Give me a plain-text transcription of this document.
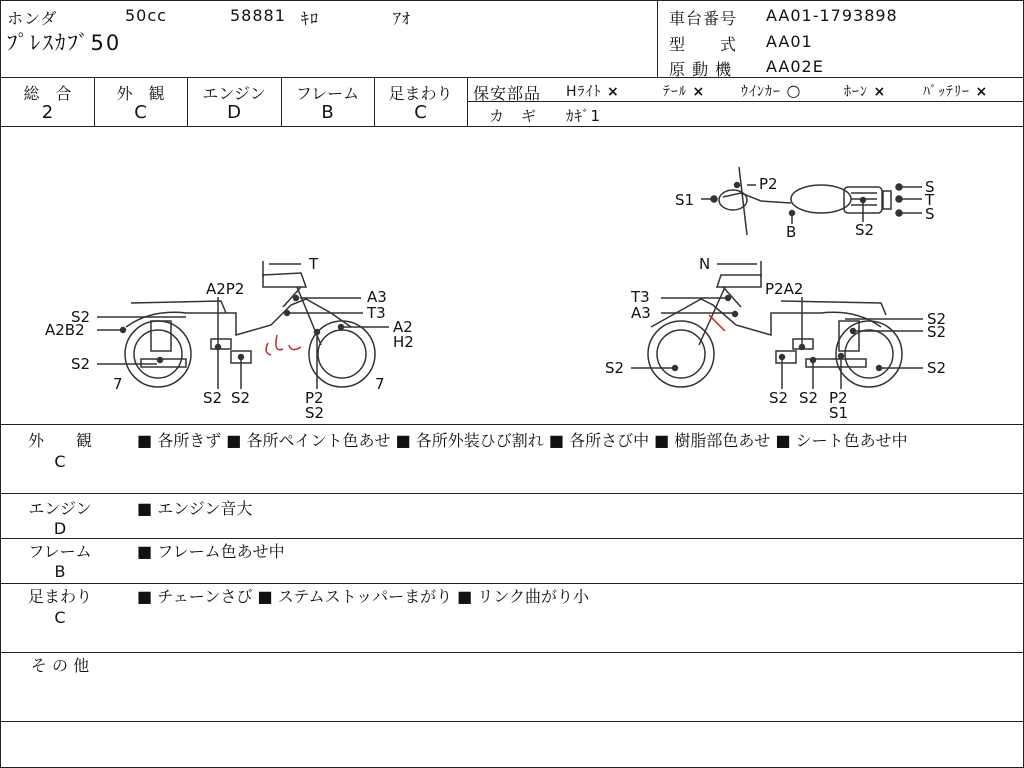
ホンダ	50cc	58881 ｷﾛ	ｱｵ
ﾌﾟﾚｽｶﾌﾞ50
車台番号 AA01-1793898
型　　式 AA01
原 動 機 AA02E
総　合
2
外　観
C
エンジン
D
フレーム
B
足まわり
C
保安部品 Hﾗｲﾄ ×	ﾃｰﾙ ×	ｳｲﾝｶｰ ○	ﾎｰﾝ ×	ﾊﾞｯﾃﾘｰ ×
カ　ギ ｶｷﾞ1
P2
S1
B
S
T
S
S2
T
A2P2	A3
T3
S2
A2B2	A2
H2
S2
7
S2 S2	P2
S2
7
N
T3
A3
P2A2
S2
S2
S2	S2
S2 S2 P2
S1
外　　観
C
■ 各所きず ■ 各所ペイント色あせ ■ 各所外装ひび割れ ■ 各所さび中 ■ 樹脂部色あせ ■ シート色あせ中
エンジン
D
■ エンジン音大
フレーム
B
■ フレーム色あせ中
足まわり
C
■ チェーンさび ■ ステムストッパーまがり ■ リンク曲がり小
そ の 他
